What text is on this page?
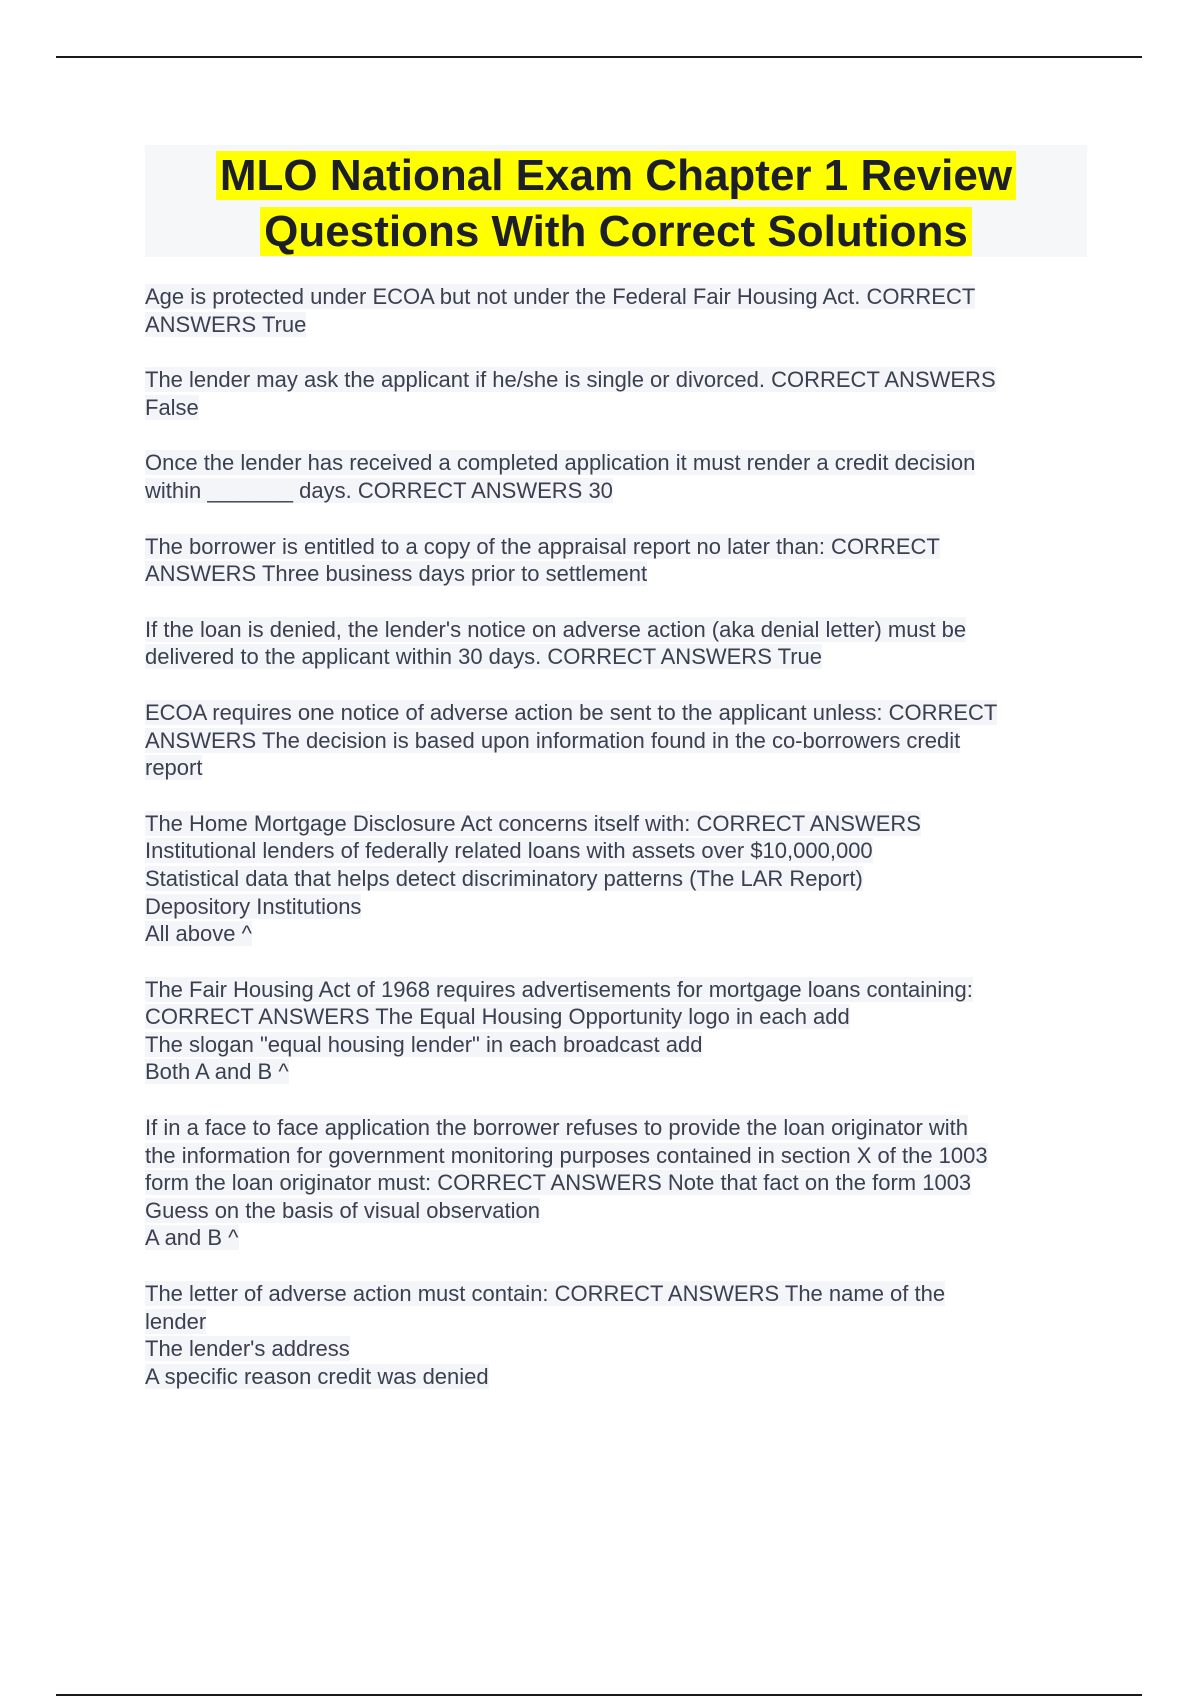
MLO National Exam Chapter 1 Review
Questions With Correct Solutions

Age is protected under ECOA but not under the Federal Fair Housing Act. CORRECT
ANSWERS True

The lender may ask the applicant if he/she is single or divorced. CORRECT ANSWERS
False

Once the lender has received a completed application it must render a credit decision
within _______ days. CORRECT ANSWERS 30

The borrower is entitled to a copy of the appraisal report no later than: CORRECT
ANSWERS Three business days prior to settlement

If the loan is denied, the lender's notice on adverse action (aka denial letter) must be
delivered to the applicant within 30 days. CORRECT ANSWERS True

ECOA requires one notice of adverse action be sent to the applicant unless: CORRECT
ANSWERS The decision is based upon information found in the co-borrowers credit
report

The Home Mortgage Disclosure Act concerns itself with: CORRECT ANSWERS
Institutional lenders of federally related loans with assets over $10,000,000
Statistical data that helps detect discriminatory patterns (The LAR Report)
Depository Institutions
All above ^

The Fair Housing Act of 1968 requires advertisements for mortgage loans containing:
CORRECT ANSWERS The Equal Housing Opportunity logo in each add
The slogan "equal housing lender" in each broadcast add
Both A and B ^

If in a face to face application the borrower refuses to provide the loan originator with
the information for government monitoring purposes contained in section X of the 1003
form the loan originator must: CORRECT ANSWERS Note that fact on the form 1003
Guess on the basis of visual observation
A and B ^

The letter of adverse action must contain: CORRECT ANSWERS The name of the
lender
The lender's address
A specific reason credit was denied
